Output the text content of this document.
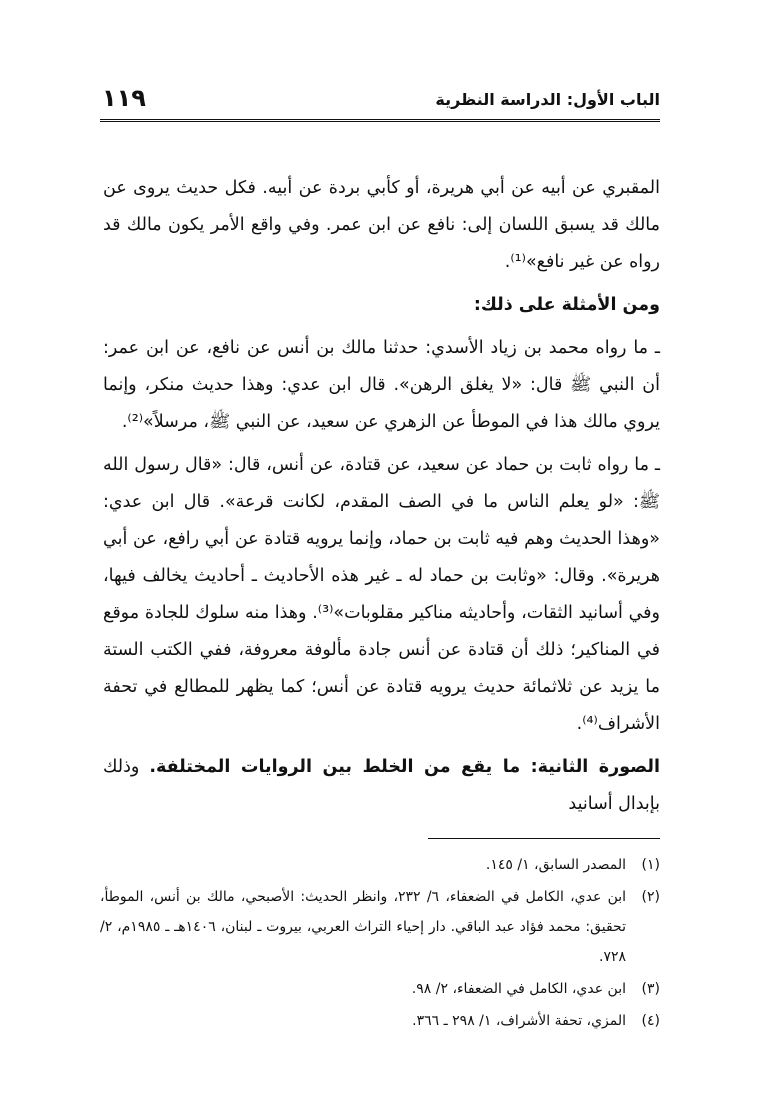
الباب الأول: الدراسة النظرية
١١٩

المقبري عن أبيه عن أبي هريرة، أو كأبي بردة عن أبيه. فكل حديث يروى عن مالك قد يسبق اللسان إلى: نافع عن ابن عمر. وفي واقع الأمر يكون مالك قد رواه عن غير نافع»⁽¹⁾.

ومن الأمثلة على ذلك:

ـ ما رواه محمد بن زياد الأسدي: حدثنا مالك بن أنس عن نافع، عن ابن عمر: أن النبي ﷺ قال: «لا يغلق الرهن». قال ابن عدي: وهذا حديث منكر، وإنما يروي مالك هذا في الموطأ عن الزهري عن سعيد، عن النبي ﷺ، مرسلاً»⁽²⁾.

ـ ما رواه ثابت بن حماد عن سعيد، عن قتادة، عن أنس، قال: «قال رسول الله ﷺ: «لو يعلم الناس ما في الصف المقدم، لكانت قرعة». قال ابن عدي: «وهذا الحديث وهم فيه ثابت بن حماد، وإنما يرويه قتادة عن أبي رافع، عن أبي هريرة». وقال: «وثابت بن حماد له ـ غير هذه الأحاديث ـ أحاديث يخالف فيها، وفي أسانيد الثقات، وأحاديثه مناكير مقلوبات»⁽³⁾. وهذا منه سلوك للجادة موقع في المناكير؛ ذلك أن قتادة عن أنس جادة مألوفة معروفة، ففي الكتب الستة ما يزيد عن ثلاثمائة حديث يرويه قتادة عن أنس؛ كما يظهر للمطالع في تحفة الأشراف⁽⁴⁾.

الصورة الثانية: ما يقع من الخلط بين الروايات المختلفة. وذلك بإبدال أسانيد

(١)
المصدر السابق، ١/ ١٤٥.
(٢)
ابن عدي، الكامل في الضعفاء، ٦/ ٢٣٢، وانظر الحديث: الأصبحي، مالك بن أنس، الموطأ، تحقيق: محمد فؤاد عبد الباقي. دار إحياء التراث العربي، بيروت ـ لبنان، ١٤٠٦هـ ـ ١٩٨٥م، ٢/ ٧٢٨.
(٣)
ابن عدي، الكامل في الضعفاء، ٢/ ٩٨.
(٤)
المزي، تحفة الأشراف، ١/ ٢٩٨ ـ ٣٦٦.
